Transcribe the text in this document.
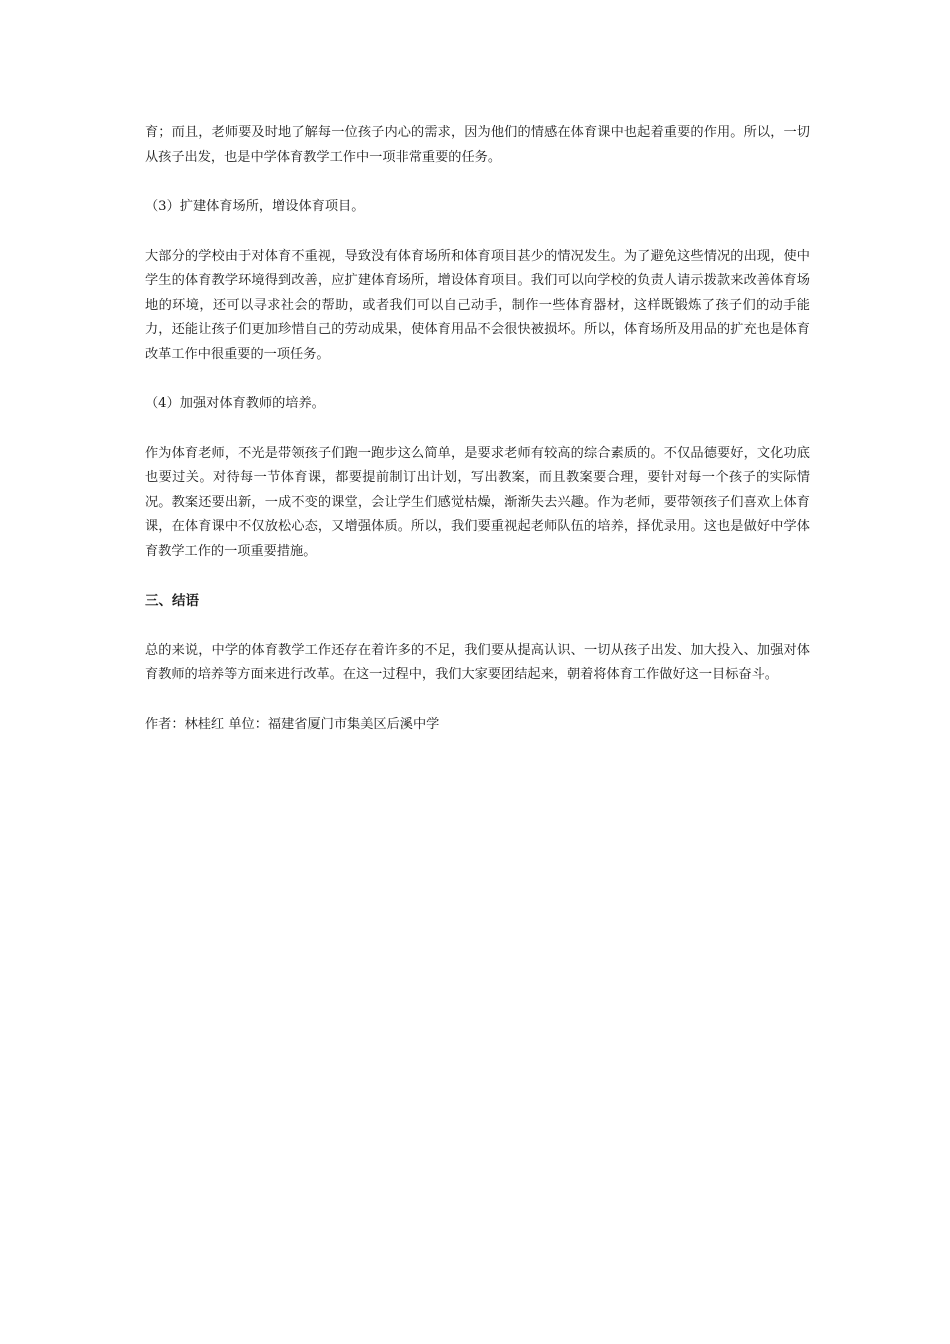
育；而且，老师要及时地了解每一位孩子内心的需求，因为他们的情感在体育课中也起着重要的作用。所以，一切从孩子出发，也是中学体育教学工作中一项非常重要的任务。

（3）扩建体育场所，增设体育项目。

大部分的学校由于对体育不重视，导致没有体育场所和体育项目甚少的情况发生。为了避免这些情况的出现，使中学生的体育教学环境得到改善，应扩建体育场所，增设体育项目。我们可以向学校的负责人请示拨款来改善体育场地的环境，还可以寻求社会的帮助，或者我们可以自己动手，制作一些体育器材，这样既锻炼了孩子们的动手能力，还能让孩子们更加珍惜自己的劳动成果，使体育用品不会很快被损坏。所以，体育场所及用品的扩充也是体育改革工作中很重要的一项任务。

（4）加强对体育教师的培养。

作为体育老师，不光是带领孩子们跑一跑步这么简单，是要求老师有较高的综合素质的。不仅品德要好，文化功底也要过关。对待每一节体育课，都要提前制订出计划，写出教案，而且教案要合理，要针对每一个孩子的实际情况。教案还要出新，一成不变的课堂，会让学生们感觉枯燥，渐渐失去兴趣。作为老师，要带领孩子们喜欢上体育课，在体育课中不仅放松心态，又增强体质。所以，我们要重视起老师队伍的培养，择优录用。这也是做好中学体育教学工作的一项重要措施。

三、结语

总的来说，中学的体育教学工作还存在着许多的不足，我们要从提高认识、一切从孩子出发、加大投入、加强对体育教师的培养等方面来进行改革。在这一过程中，我们大家要团结起来，朝着将体育工作做好这一目标奋斗。

作者：林桂红 单位：福建省厦门市集美区后溪中学
